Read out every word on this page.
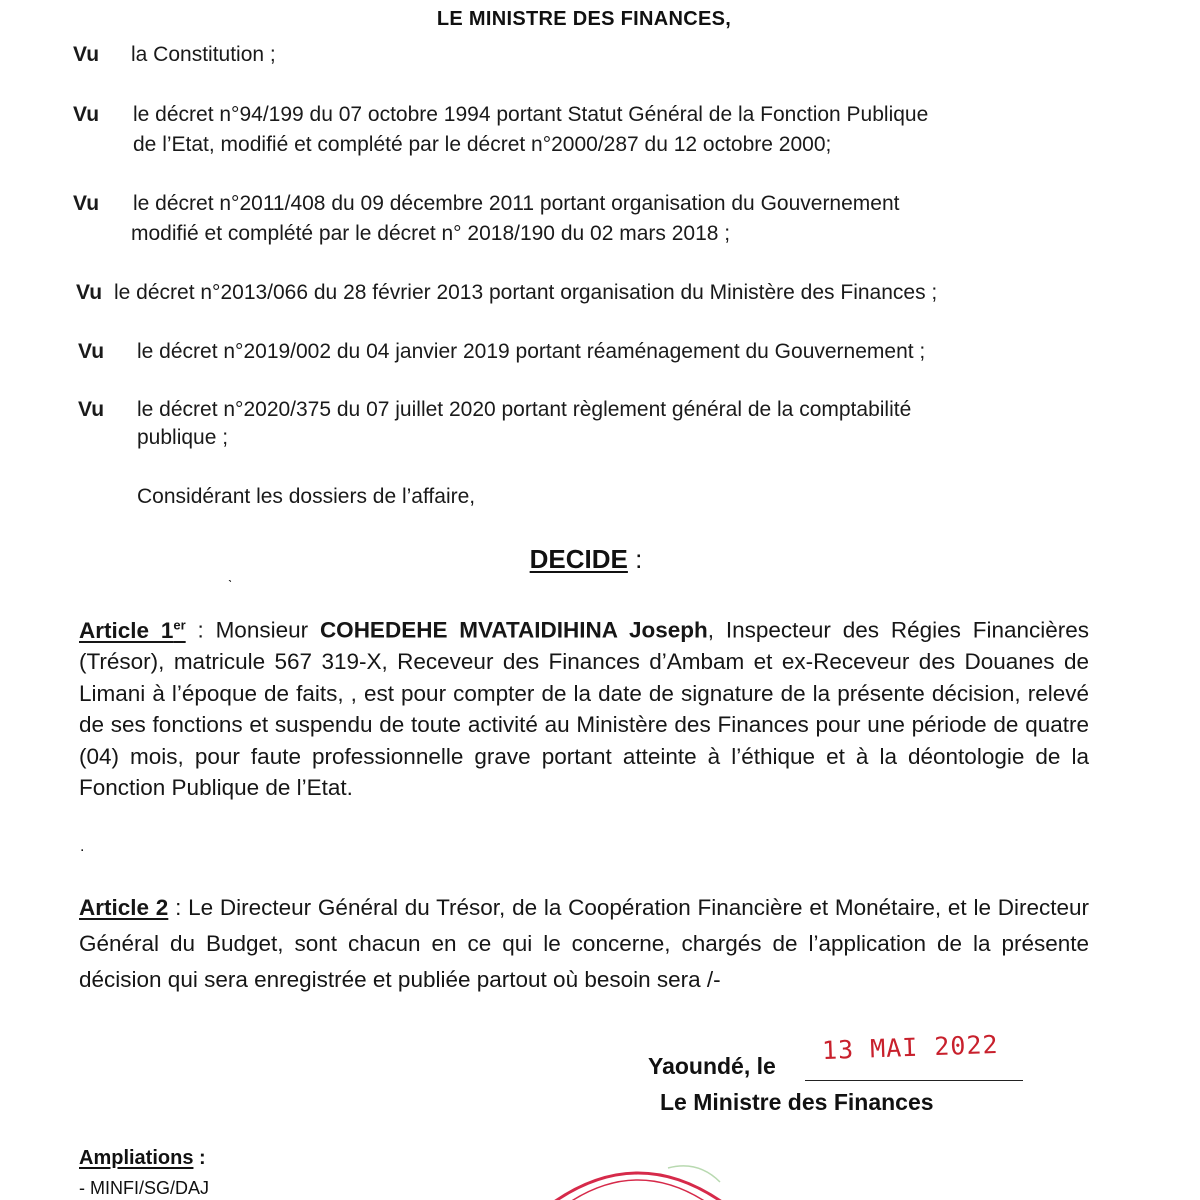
LE MINISTRE DES FINANCES,
Vu la Constitution ;
Vu le décret n°94/199 du 07 octobre 1994 portant Statut Général de la Fonction Publique
de l’Etat, modifié et complété par le décret n°2000/287 du 12 octobre 2000;
Vu le décret n°2011/408 du 09 décembre 2011 portant organisation du Gouvernement
modifié et complété par le décret n° 2018/190 du 02 mars 2018 ;
Vu le décret n°2013/066 du 28 février 2013 portant organisation du Ministère des Finances ;
Vu le décret n°2019/002 du 04 janvier 2019 portant réaménagement du Gouvernement ;
Vu le décret n°2020/375 du 07 juillet 2020 portant règlement général de la comptabilité
publique ;
Considérant les dossiers de l’affaire,
DECIDE :
ˎ
Article 1er : Monsieur COHEDEHE MVATAIDIHINA Joseph, Inspecteur des Régies Financières (Trésor), matricule 567 319-X, Receveur des Finances d’Ambam et ex-Receveur des Douanes de Limani à l’époque de faits, , est pour compter de la date de signature de la présente décision, relevé de ses fonctions et suspendu de toute activité au Ministère des Finances pour une période de quatre (04) mois, pour faute professionnelle grave portant atteinte à l’éthique et à la déontologie de la Fonction Publique de l’Etat.
.
Article 2 : Le Directeur Général du Trésor, de la Coopération Financière et Monétaire, et le Directeur Général du Budget, sont chacun en ce qui le concerne, chargés de l’application de la présente décision qui sera enregistrée et publiée partout où besoin sera /-
Yaoundé, le
13 MAI 2022
Le Ministre des Finances
Ampliations :
- MINFI/SG/DAJ
